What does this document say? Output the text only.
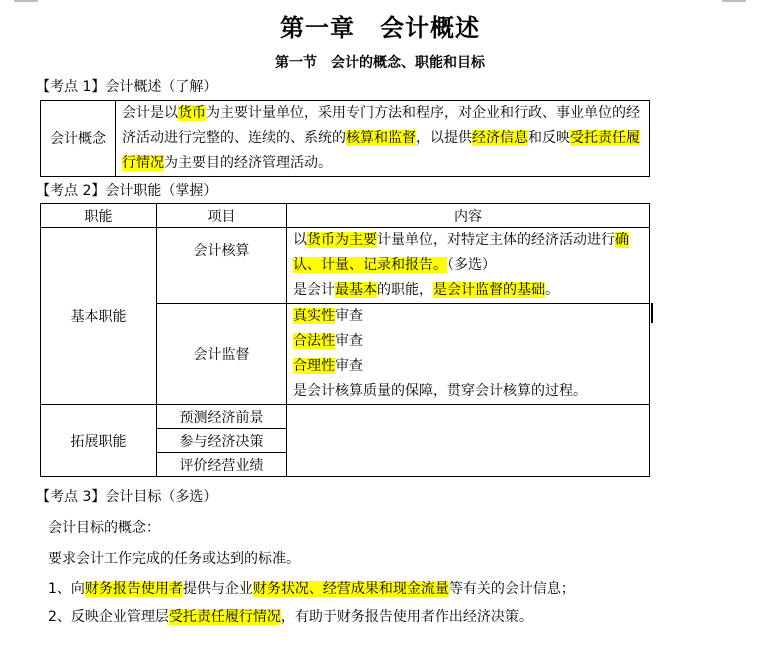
第一章　会计概述
第一节　会计的概念、职能和目标
【考点 1】会计概述（了解）
会计概念	会计是以货币为主要计量单位，采用专门方法和程序，对企业和行政、事业单位的经济活动进行完整的、连续的、系统的核算和监督，以提供经济信息和反映受托责任履行情况为主要目的经济管理活动。
【考点 2】会计职能（掌握）
职能	项目	内容
基本职能	会计核算	以货币为主要计量单位，对特定主体的经济活动进行确认、计量、记录和报告。（多选）
是会计最基本的职能，是会计监督的基础。

	会计监督	真实性审查
合法性审查
合理性审查
是会计核算质量的保障，贯穿会计核算的过程。

拓展职能	预测经济前景	
	参与经济决策	
	评价经营业绩	
【考点 3】会计目标（多选）
会计目标的概念：
要求会计工作完成的任务或达到的标准。
1、向财务报告使用者提供与企业财务状况、经营成果和现金流量等有关的会计信息；
2、反映企业管理层受托责任履行情况，有助于财务报告使用者作出经济决策。
